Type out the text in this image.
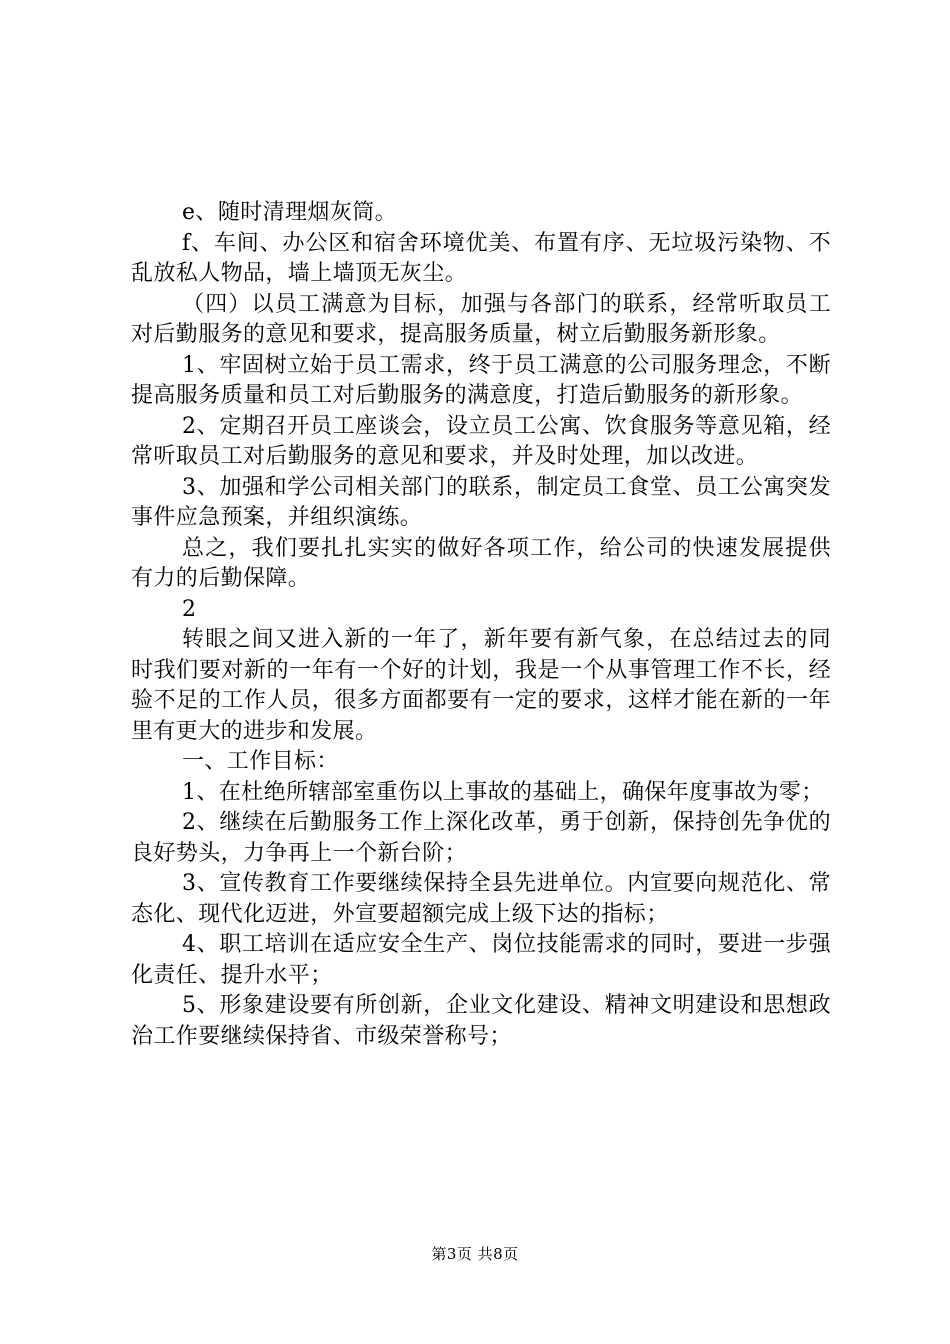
e、随时清理烟灰筒。

f、车间、办公区和宿舍环境优美、布置有序、无垃圾污染物、不乱放私人物品，墙上墙顶无灰尘。

（四）以员工满意为目标，加强与各部门的联系，经常听取员工对后勤服务的意见和要求，提高服务质量，树立后勤服务新形象。

1、牢固树立始于员工需求，终于员工满意的公司服务理念，不断提高服务质量和员工对后勤服务的满意度，打造后勤服务的新形象。

2、定期召开员工座谈会，设立员工公寓、饮食服务等意见箱，经常听取员工对后勤服务的意见和要求，并及时处理，加以改进。

3、加强和学公司相关部门的联系，制定员工食堂、员工公寓突发事件应急预案，并组织演练。

总之，我们要扎扎实实的做好各项工作，给公司的快速发展提供有力的后勤保障。

2

转眼之间又进入新的一年了，新年要有新气象，在总结过去的同时我们要对新的一年有一个好的计划，我是一个从事管理工作不长，经验不足的工作人员，很多方面都要有一定的要求，这样才能在新的一年里有更大的进步和发展。

一、工作目标：

1、在杜绝所辖部室重伤以上事故的基础上，确保年度事故为零；

2、继续在后勤服务工作上深化改革，勇于创新，保持创先争优的良好势头，力争再上一个新台阶；

3、宣传教育工作要继续保持全县先进单位。内宣要向规范化、常态化、现代化迈进，外宣要超额完成上级下达的指标；

4、职工培训在适应安全生产、岗位技能需求的同时，要进一步强化责任、提升水平；

5、形象建设要有所创新，企业文化建设、精神文明建设和思想政治工作要继续保持省、市级荣誉称号；

第3页 共8页
